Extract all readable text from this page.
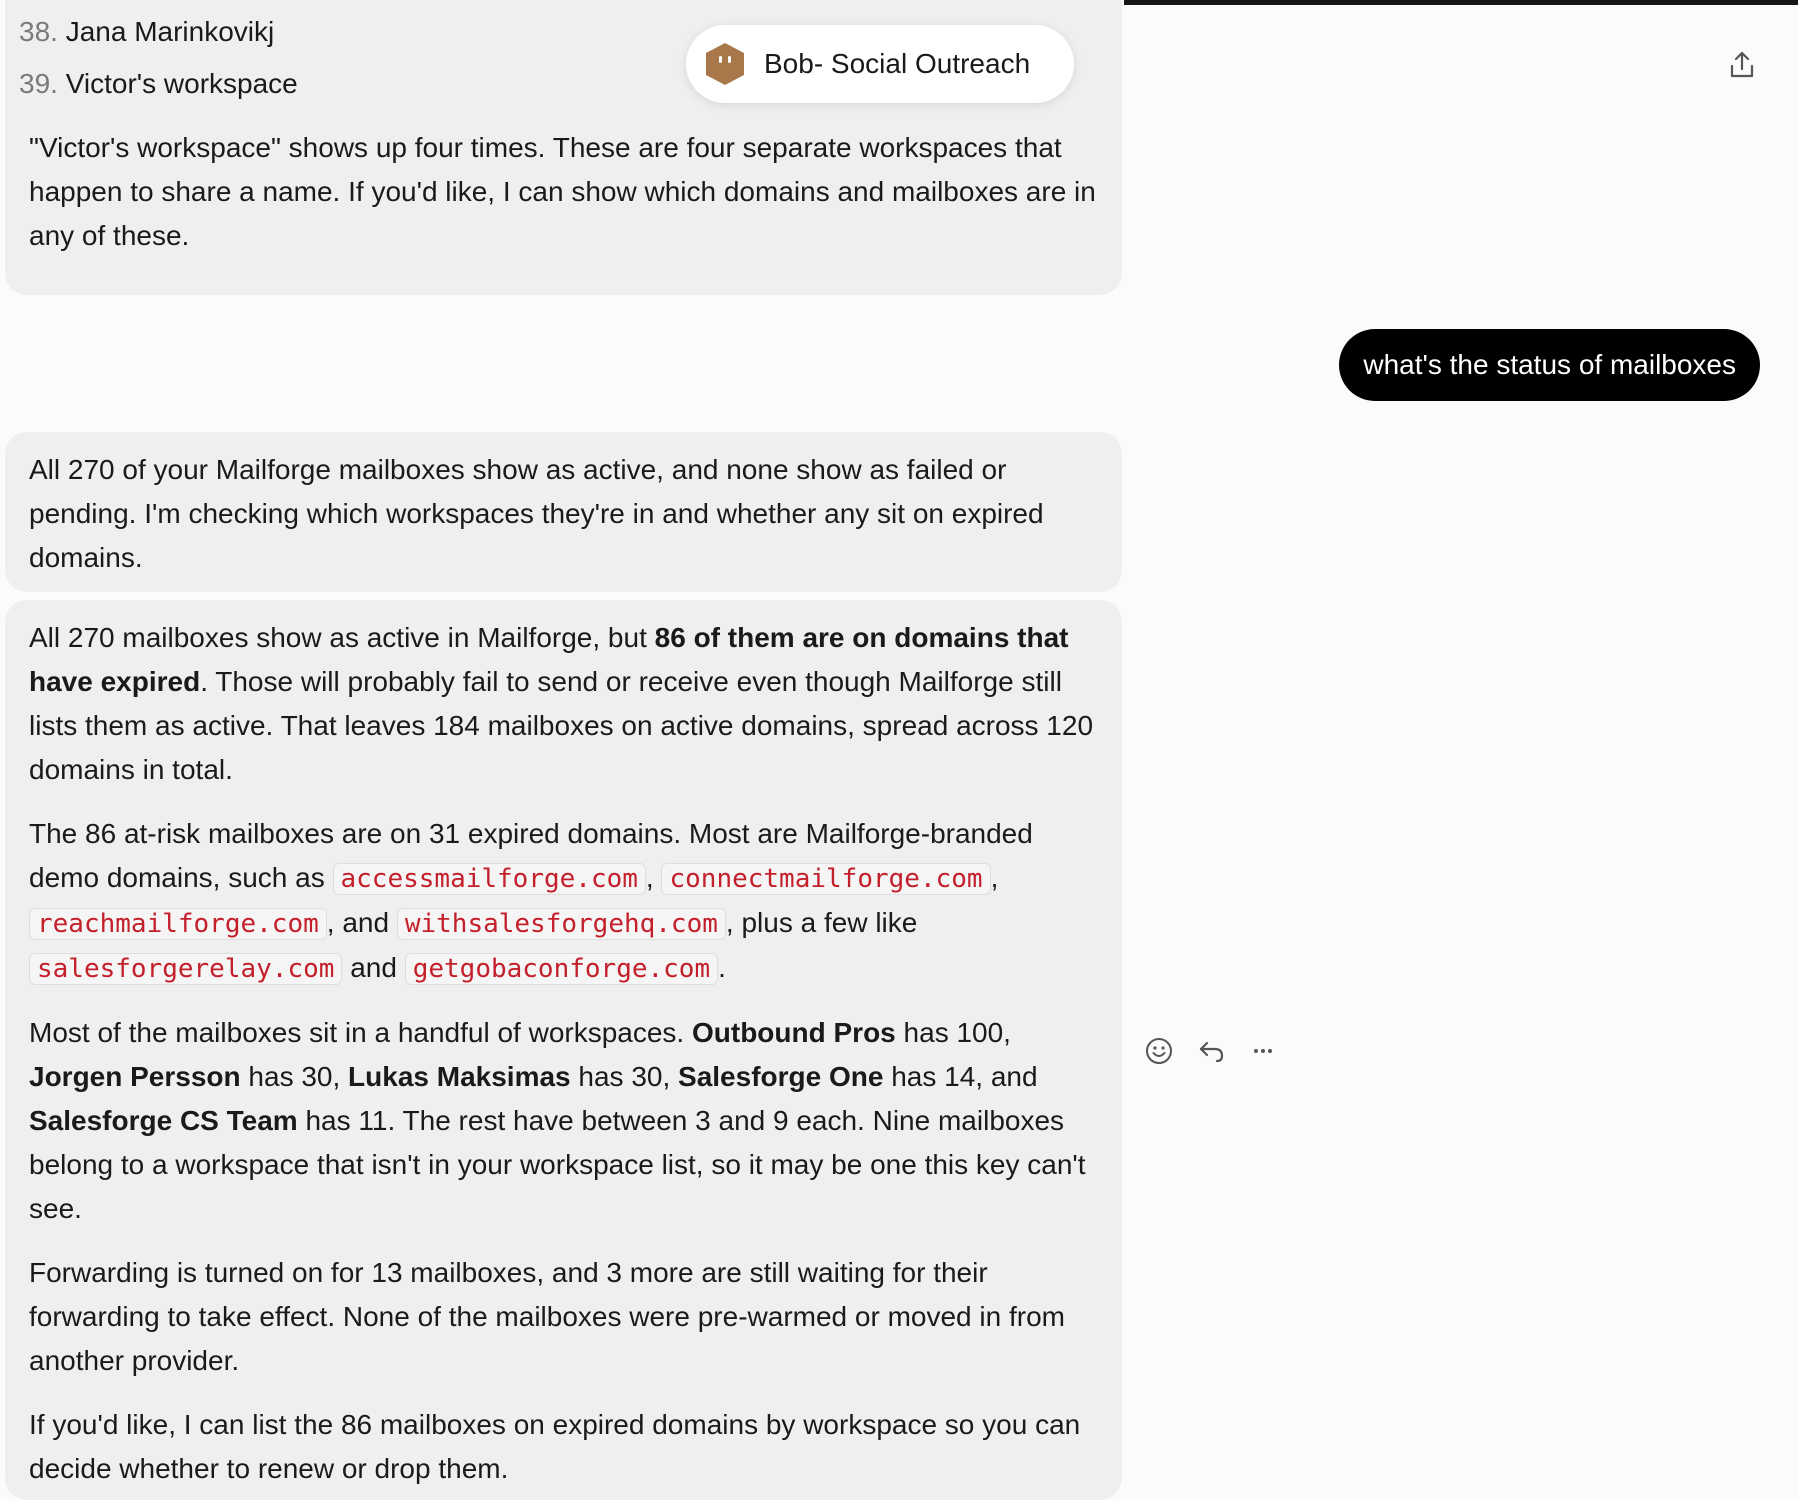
38. Jana Marinkovikj
39. Victor's workspace

"Victor's workspace" shows up four times. These are four separate workspaces that happen to share a name. If you'd like, I can show which domains and mailboxes are in any of these.

Bob- Social Outreach
what's the status of mailboxes

All 270 of your Mailforge mailboxes show as active, and none show as failed or pending. I'm checking which workspaces they're in and whether any sit on expired domains.

All 270 mailboxes show as active in Mailforge, but 86 of them are on domains that have expired. Those will probably fail to send or receive even though Mailforge still lists them as active. That leaves 184 mailboxes on active domains, spread across 120 domains in total.

The 86 at-risk mailboxes are on 31 expired domains. Most are Mailforge-branded demo domains, such as accessmailforge.com , connectmailforge.com ,
reachmailforge.com , and withsalesforgehq.com , plus a few like
salesforgerelay.com and getgobaconforge.com .

Most of the mailboxes sit in a handful of workspaces. Outbound Pros has 100,
Jorgen Persson has 30, Lukas Maksimas has 30, Salesforge One has 14, and
Salesforge CS Team has 11. The rest have between 3 and 9 each. Nine mailboxes belong to a workspace that isn't in your workspace list, so it may be one this key can't see.

Forwarding is turned on for 13 mailboxes, and 3 more are still waiting for their forwarding to take effect. None of the mailboxes were pre-warmed or moved in from another provider.

If you'd like, I can list the 86 mailboxes on expired domains by workspace so you can decide whether to renew or drop them.
